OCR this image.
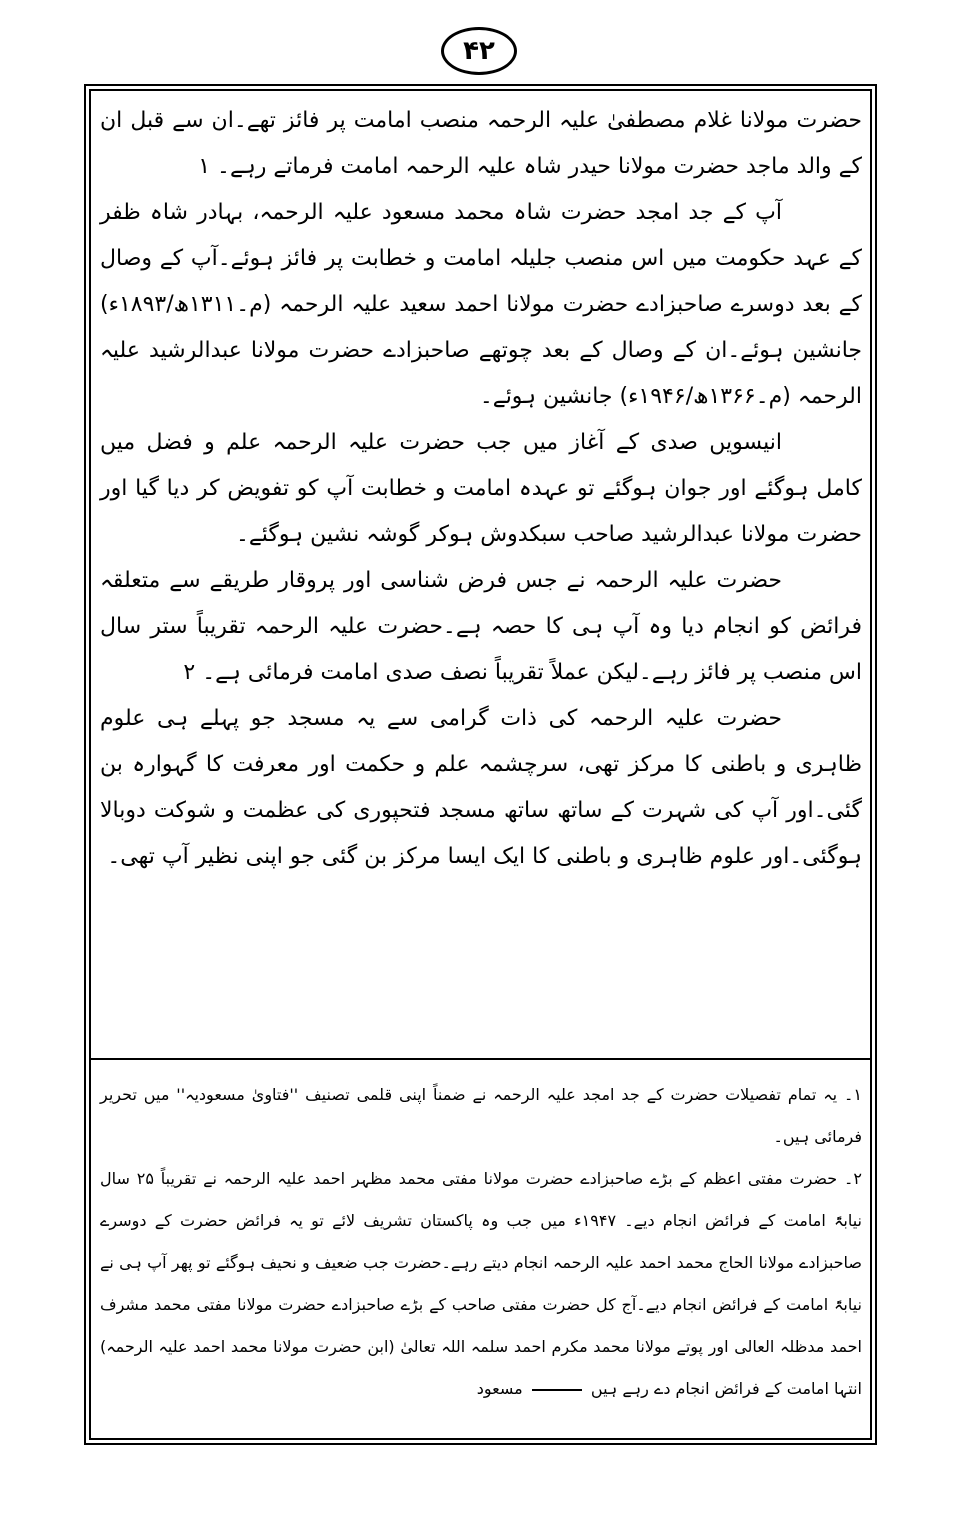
۴۲

حضرت مولانا غلام مصطفیٰ علیہ الرحمہ منصب امامت پر فائز تھے۔ان سے قبل ان کے والد ماجد حضرت مولانا حیدر شاہ علیہ الرحمہ امامت فرماتے رہے۔ ۱

آپ کے جد امجد حضرت شاہ محمد مسعود علیہ الرحمہ، بہادر شاہ ظفر کے عہد حکومت میں اس منصب جلیلہ امامت و خطابت پر فائز ہوئے۔آپ کے وصال کے بعد دوسرے صاحبزادے حضرت مولانا احمد سعید علیہ الرحمہ (م۔۱۳۱۱ھ/۱۸۹۳ء) جانشین ہوئے۔ان کے وصال کے بعد چوتھے صاحبزادے حضرت مولانا عبدالرشید علیہ الرحمہ (م۔۱۳۶۶ھ/۱۹۴۶ء) جانشین ہوئے۔

انیسویں صدی کے آغاز میں جب حضرت علیہ الرحمہ علم و فضل میں کامل ہوگئے اور جوان ہوگئے تو عہدہ امامت و خطابت آپ کو تفویض کر دیا گیا اور حضرت مولانا عبدالرشید صاحب سبکدوش ہوکر گوشہ نشین ہوگئے۔

حضرت علیہ الرحمہ نے جس فرض شناسی اور پروقار طریقے سے متعلقہ فرائض کو انجام دیا وہ آپ ہی کا حصہ ہے۔حضرت علیہ الرحمہ تقریباً ستر سال اس منصب پر فائز رہے۔لیکن عملاً تقریباً نصف صدی امامت فرمائی ہے۔ ۲

حضرت علیہ الرحمہ کی ذات گرامی سے یہ مسجد جو پہلے ہی علوم ظاہری و باطنی کا مرکز تھی، سرچشمہ علم و حکمت اور معرفت کا گہوارہ بن گئی۔اور آپ کی شہرت کے ساتھ ساتھ مسجد فتحپوری کی عظمت و شوکت دوبالا ہوگئی۔اور علوم ظاہری و باطنی کا ایک ایسا مرکز بن گئی جو اپنی نظیر آپ تھی۔

۱۔ یہ تمام تفصیلات حضرت کے جد امجد علیہ الرحمہ نے ضمناً اپنی قلمی تصنیف ''فتاویٰ مسعودیہ'' میں تحریر فرمائی ہیں۔

۲۔ حضرت مفتی اعظم کے بڑے صاحبزادے حضرت مولانا مفتی محمد مظہر احمد علیہ الرحمہ نے تقریباً ۲۵ سال نیابۃً امامت کے فرائض انجام دیے۔ ۱۹۴۷ء میں جب وہ پاکستان تشریف لائے تو یہ فرائض حضرت کے دوسرے صاحبزادے مولانا الحاج محمد احمد علیہ الرحمہ انجام دیتے رہے۔حضرت جب ضعیف و نحیف ہوگئے تو پھر آپ ہی نے نیابۃً امامت کے فرائض انجام دیے۔آج کل حضرت مفتی صاحب کے بڑے صاحبزادے حضرت مولانا مفتی محمد مشرف احمد مدظلہ العالی اور پوتے مولانا محمد مکرم احمد سلمہ اللہ تعالیٰ (ابن حضرت مولانا محمد احمد علیہ الرحمہ) انتہا امامت کے فرائض انجام دے رہے ہیں  مسعود
